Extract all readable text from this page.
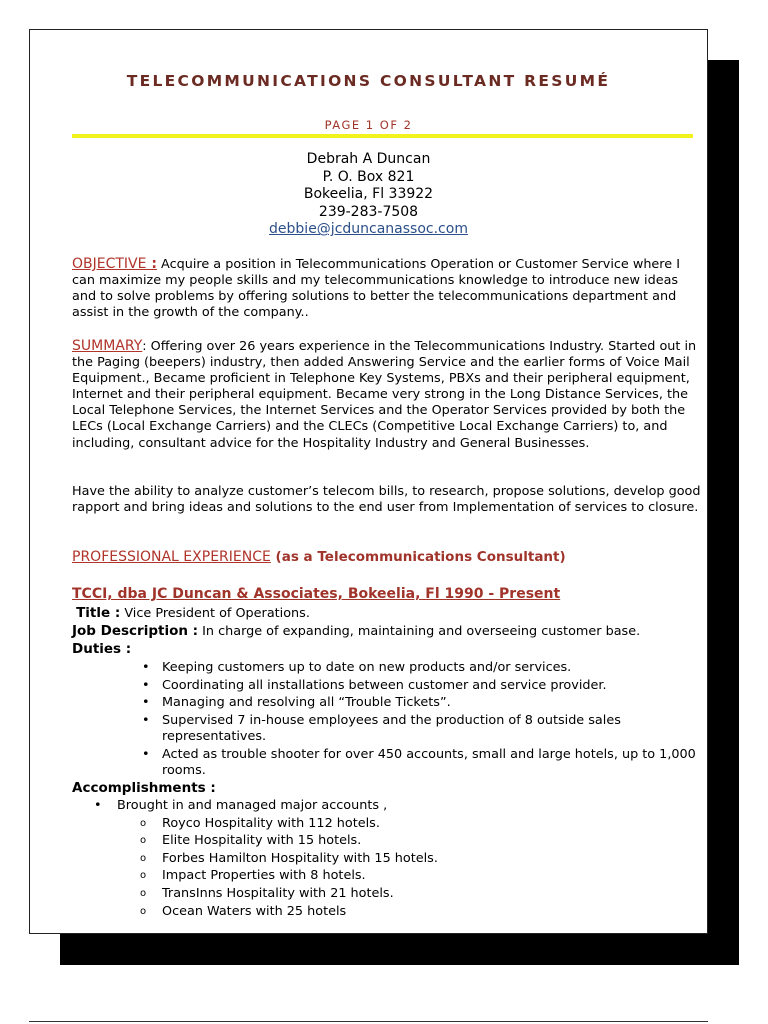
TELECOMMUNICATIONS CONSULTANT RESUMÉ
PAGE 1 OF 2
Debrah A Duncan
P. O. Box 821
Bokeelia, Fl 33922
239-283-7508
debbie@jcduncanassoc.com
OBJECTIVE : Acquire a position in Telecommunications Operation or Customer Service where I can maximize my people skills and my telecommunications knowledge to introduce new ideas and to solve problems by offering solutions to better the telecommunications department and assist in the growth of the company..
SUMMARY: Offering over 26 years experience in the Telecommunications Industry. Started out in the Paging (beepers) industry, then added Answering Service and the earlier forms of Voice Mail Equipment., Became proficient in Telephone Key Systems, PBXs and their peripheral equipment, Internet and their peripheral equipment. Became very strong in the Long Distance Services, the Local Telephone Services, the Internet Services and the Operator Services provided by both the LECs (Local Exchange Carriers) and the CLECs (Competitive Local Exchange Carriers) to, and including, consultant advice for the Hospitality Industry and General Businesses.
Have the ability to analyze customer’s telecom bills, to research, propose solutions, develop good rapport and bring ideas and solutions to the end user from Implementation of services to closure.
PROFESSIONAL EXPERIENCE (as a Telecommunications Consultant)
TCCI, dba JC Duncan & Associates, Bokeelia, Fl 1990 - Present
Title : Vice President of Operations.
Job Description : In charge of expanding, maintaining and overseeing customer base.
Duties :
• Keeping customers up to date on new products and/or services.
• Coordinating all installations between customer and service provider.
• Managing and resolving all “Trouble Tickets”.
• Supervised 7 in-house employees and the production of 8 outside sales representatives.
• Acted as trouble shooter for over 450 accounts, small and large hotels, up to 1,000 rooms.
Accomplishments :
• Brought in and managed major accounts ,
o Royco Hospitality with 112 hotels.
o Elite Hospitality with 15 hotels.
o Forbes Hamilton Hospitality with 15 hotels.
o Impact Properties with 8 hotels.
o TransInns Hospitality with 21 hotels.
o Ocean Waters with 25 hotels
